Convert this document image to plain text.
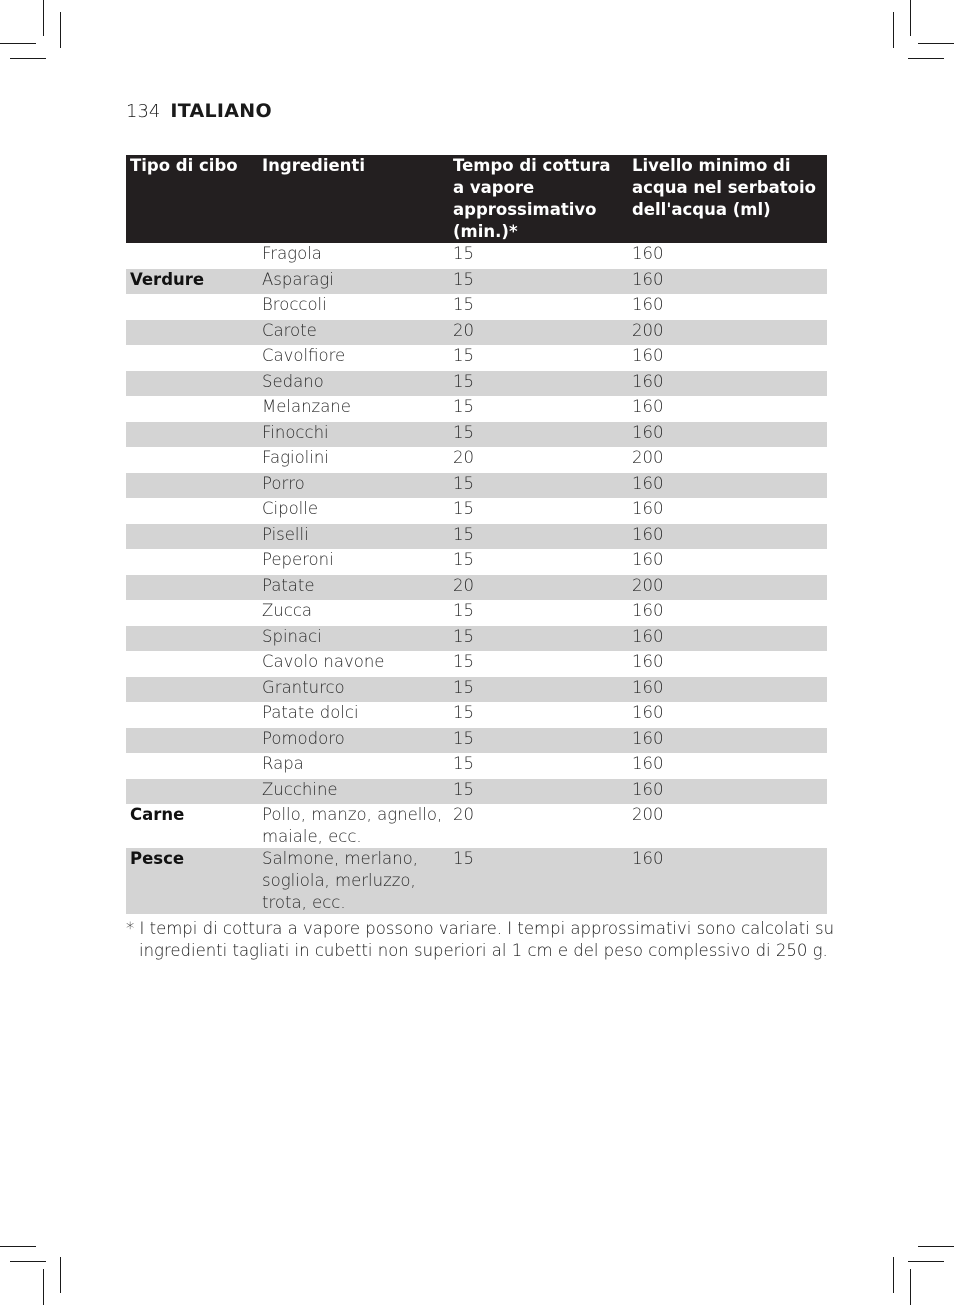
134 ITALIANO
Tipo di cibo	Ingredienti	Tempo di cottura a vapore approssimativo (min.)*	Livello minimo di acqua nel serbatoio dell'acqua (ml)
	Fragola	15	160
Verdure	Asparagi	15	160
	Broccoli	15	160
	Carote	20	200
	Cavolfiore	15	160
	Sedano	15	160
	Melanzane	15	160
	Finocchi	15	160
	Fagiolini	20	200
	Porro	15	160
	Cipolle	15	160
	Piselli	15	160
	Peperoni	15	160
	Patate	20	200
	Zucca	15	160
	Spinaci	15	160
	Cavolo navone	15	160
	Granturco	15	160
	Patate dolci	15	160
	Pomodoro	15	160
	Rapa	15	160
	Zucchine	15	160
Carne	Pollo, manzo, agnello, maiale, ecc.	20	200
Pesce	Salmone, merlano, sogliola, merluzzo, trota, ecc.	15	160
* I tempi di cottura a vapore possono variare. I tempi approssimativi sono calcolati su ingredienti tagliati in cubetti non superiori al 1 cm e del peso complessivo di 250 g.
